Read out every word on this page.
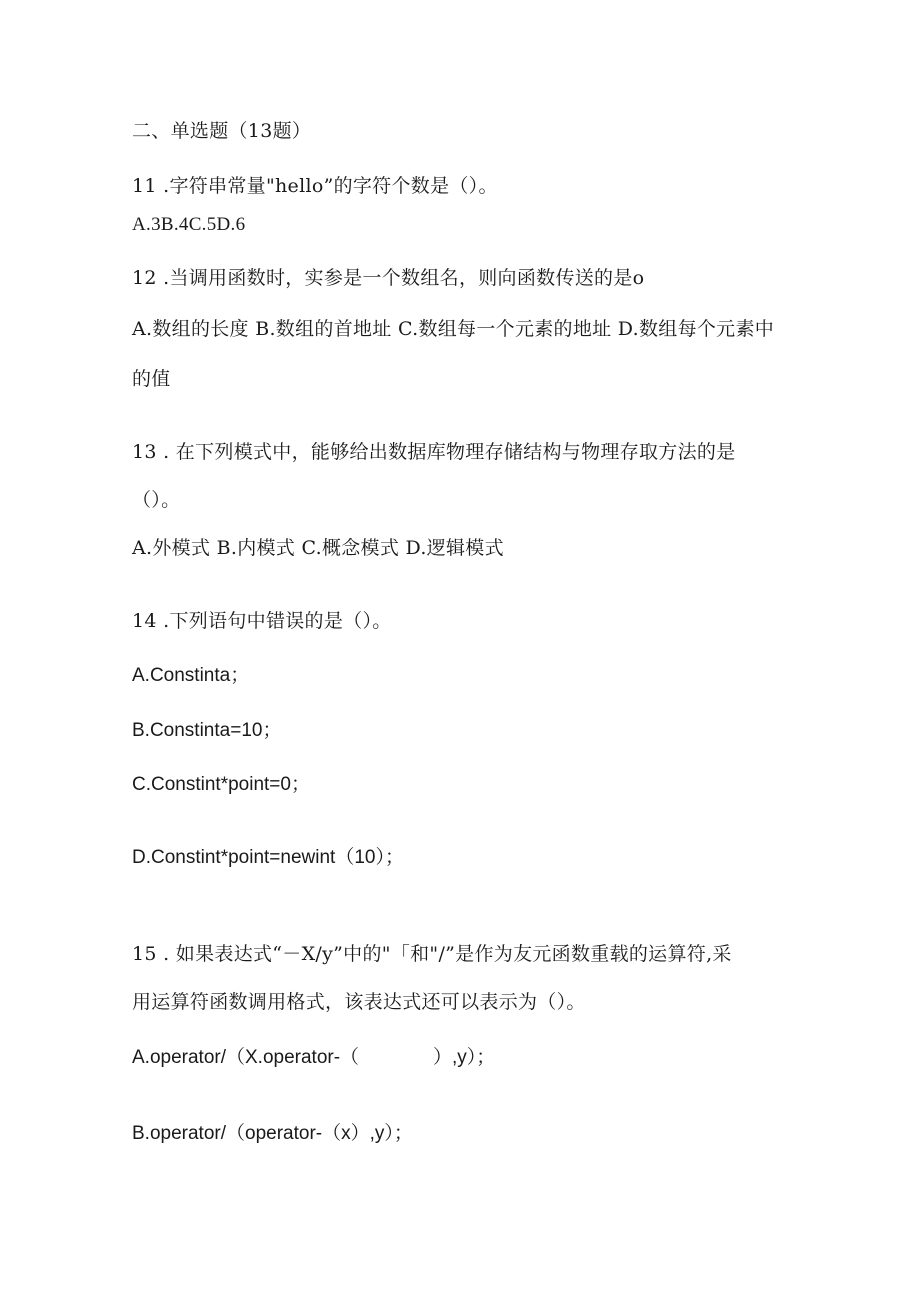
二、单选题（13题）
11 .字符串常量"hello”的字符个数是（）。
A.3B.4C.5D.6
12 .当调用函数时，实参是一个数组名，则向函数传送的是o
A.数组的长度 B.数组的首地址 C.数组每一个元素的地址 D.数组每个元素中
的值
13 . 在下列模式中，能够给出数据库物理存储结构与物理存取方法的是
（）。
A.外模式 B.内模式 C.概念模式 D.逻辑模式
14 .下列语句中错误的是（）。
A.Constinta；
B.Constinta=10；
C.Constint*point=0；
D.Constint*point=newint（10）；
15 . 如果表达式“－X/y”中的"「和"/”是作为友元函数重载的运算符,采
用运算符函数调用格式，该表达式还可以表示为（）。
A.operator/（X.operator-（              ）,y）；
B.operator/（operator-（x）,y）；
